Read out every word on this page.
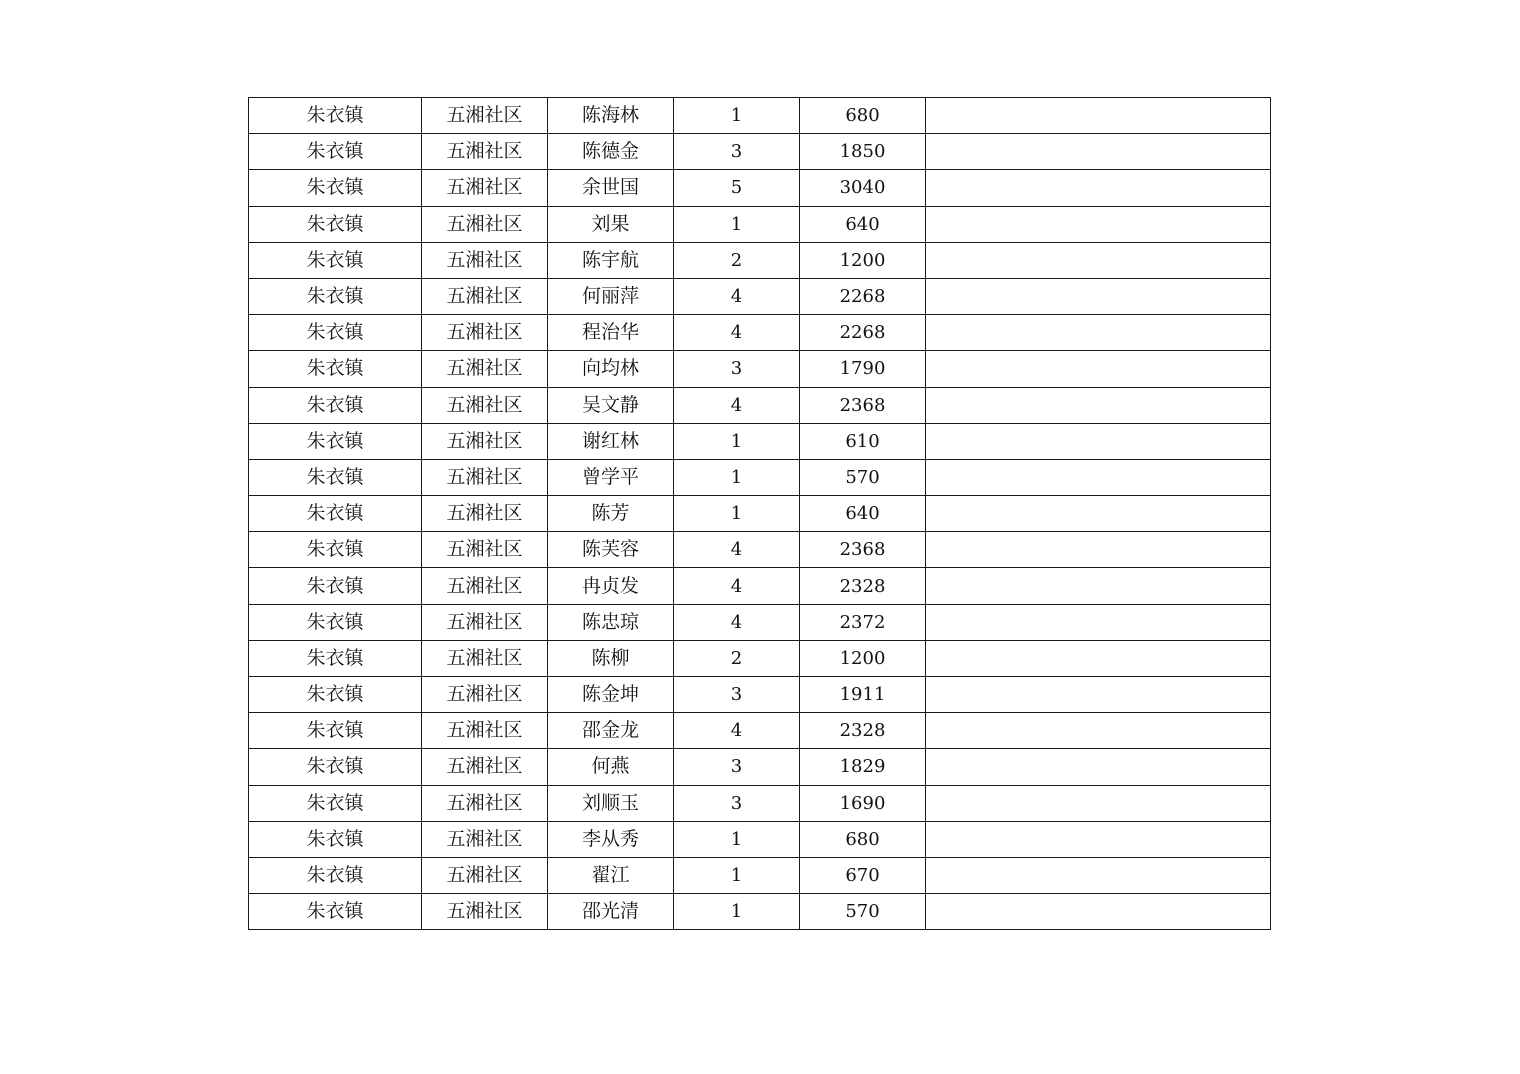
朱衣镇	五湘社区	陈海林	1	680	
朱衣镇	五湘社区	陈德金	3	1850	
朱衣镇	五湘社区	余世国	5	3040	
朱衣镇	五湘社区	刘果	1	640	
朱衣镇	五湘社区	陈宇航	2	1200	
朱衣镇	五湘社区	何丽萍	4	2268	
朱衣镇	五湘社区	程治华	4	2268	
朱衣镇	五湘社区	向均林	3	1790	
朱衣镇	五湘社区	吴文静	4	2368	
朱衣镇	五湘社区	谢红林	1	610	
朱衣镇	五湘社区	曾学平	1	570	
朱衣镇	五湘社区	陈芳	1	640	
朱衣镇	五湘社区	陈芙容	4	2368	
朱衣镇	五湘社区	冉贞发	4	2328	
朱衣镇	五湘社区	陈忠琼	4	2372	
朱衣镇	五湘社区	陈柳	2	1200	
朱衣镇	五湘社区	陈金坤	3	1911	
朱衣镇	五湘社区	邵金龙	4	2328	
朱衣镇	五湘社区	何燕	3	1829	
朱衣镇	五湘社区	刘顺玉	3	1690	
朱衣镇	五湘社区	李从秀	1	680	
朱衣镇	五湘社区	翟江	1	670	
朱衣镇	五湘社区	邵光清	1	570	
